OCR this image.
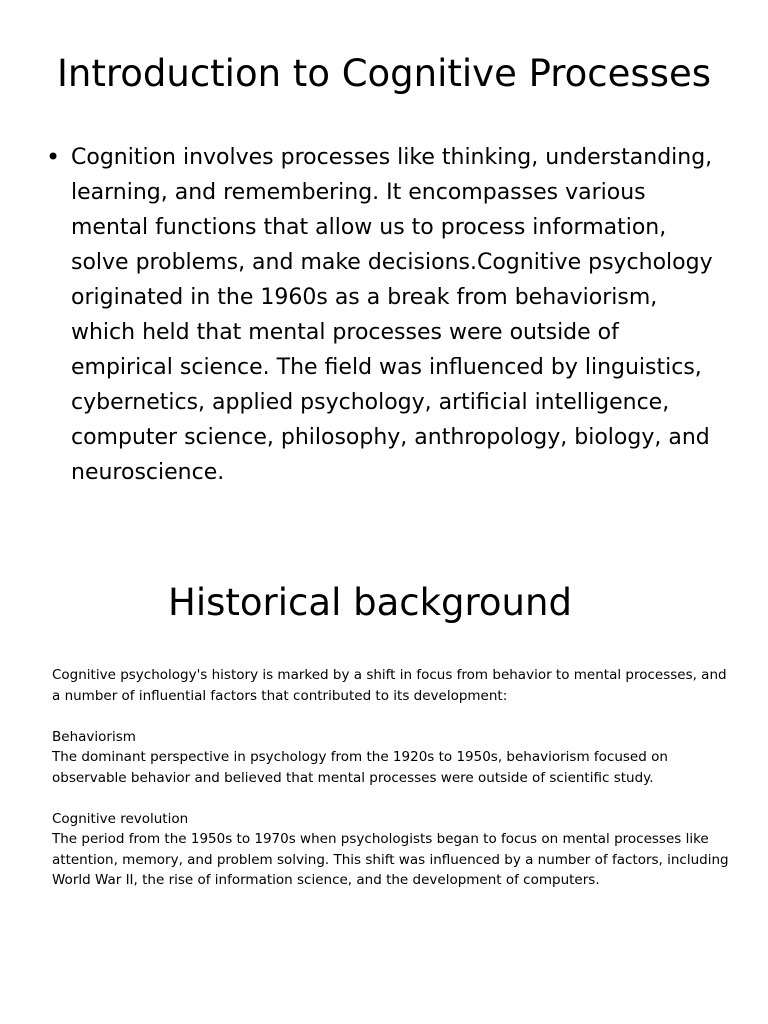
Introduction to Cognitive Processes
• Cognition involves processes like thinking, understanding, learning, and remembering. It encompasses various mental functions that allow us to process information, solve problems, and make decisions.Cognitive psychology originated in the 1960s as a break from behaviorism, which held that mental processes were outside of empirical science. The field was influenced by linguistics, cybernetics, applied psychology, artificial intelligence, computer science, philosophy, anthropology, biology, and neuroscience.

Historical background

Cognitive psychology's history is marked by a shift in focus from behavior to mental processes, and a number of influential factors that contributed to its development:

Behaviorism

The dominant perspective in psychology from the 1920s to 1950s, behaviorism focused on observable behavior and believed that mental processes were outside of scientific study.

Cognitive revolution

The period from the 1950s to 1970s when psychologists began to focus on mental processes like attention, memory, and problem solving. This shift was influenced by a number of factors, including World War II, the rise of information science, and the development of computers.
